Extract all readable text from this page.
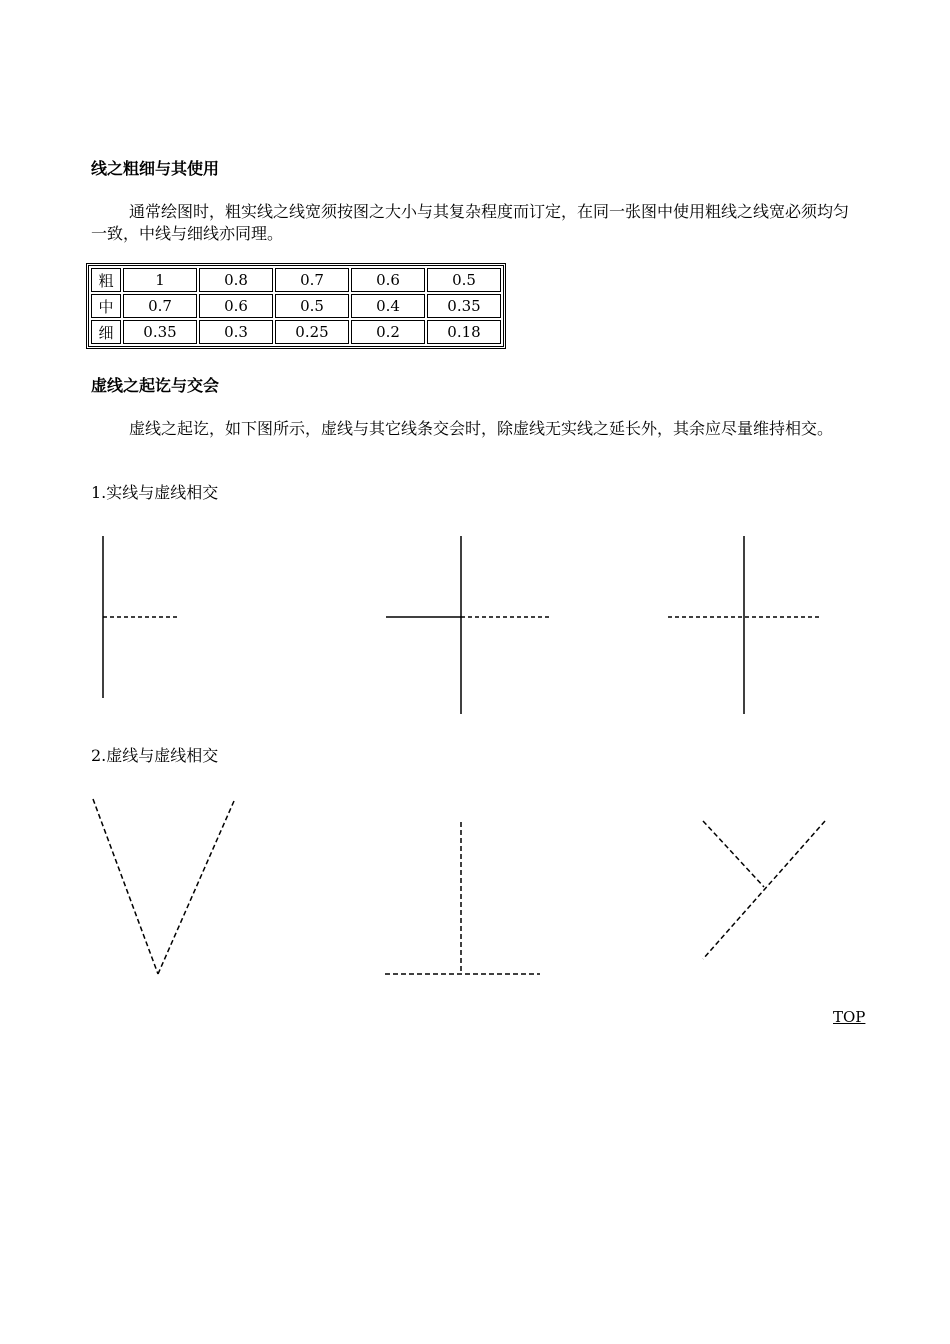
线之粗细与其使用
通常绘图时，粗实线之线宽须按图之大小与其复杂程度而订定，在同一张图中使用粗线之线宽必须均匀一致，中线与细线亦同理。
粗	1	0.8	0.7	0.6	0.5
中	0.7	0.6	0.5	0.4	0.35
细	0.35	0.3	0.25	0.2	0.18
虚线之起讫与交会
虚线之起讫，如下图所示，虚线与其它线条交会时，除虚线无实线之延长外，其余应尽量维持相交。
1.实线与虚线相交
2.虚线与虚线相交
TOP
